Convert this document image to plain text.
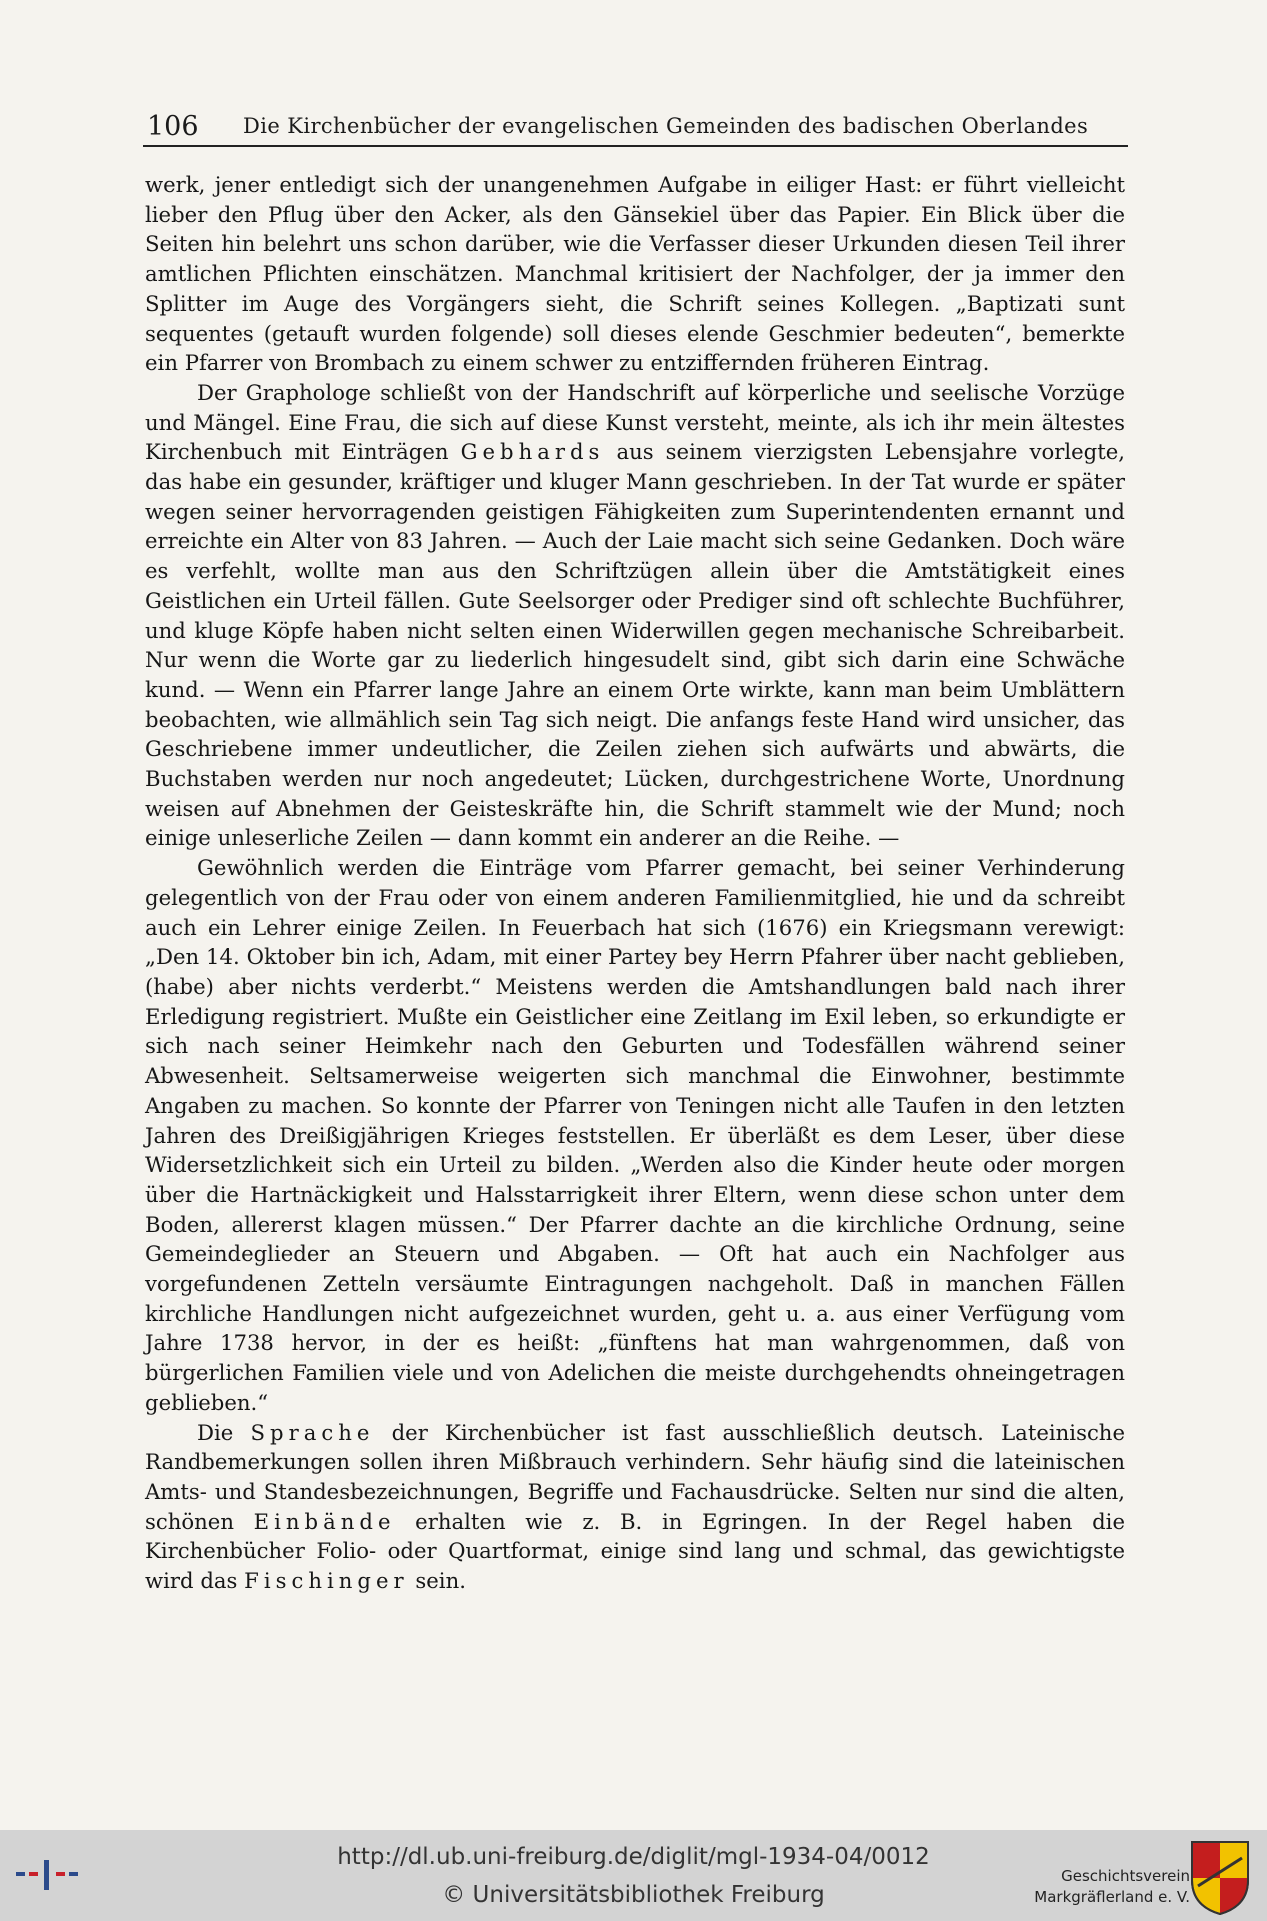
106 Die Kirchenbücher der evangelischen Gemeinden des badischen Oberlandes

werk, jener entledigt sich der unangenehmen Aufgabe in eiliger Hast: er führt vielleicht lieber den Pflug über den Acker, als den Gänsekiel über das Papier. Ein Blick über die Seiten hin belehrt uns schon darüber, wie die Verfasser dieser Urkunden diesen Teil ihrer amtlichen Pflichten einschätzen. Manchmal kritisiert der Nachfolger, der ja immer den Splitter im Auge des Vorgängers sieht, die Schrift seines Kollegen. „Baptizati sunt sequentes (getauft wurden folgende) soll dieses elende Geschmier bedeuten“, bemerkte ein Pfarrer von Brombach zu einem schwer zu entziffernden früheren Eintrag.

Der Graphologe schließt von der Handschrift auf körperliche und seelische Vorzüge und Mängel. Eine Frau, die sich auf diese Kunst versteht, meinte, als ich ihr mein ältestes Kirchenbuch mit Einträgen Gebhards aus seinem vierzigsten Lebensjahre vorlegte, das habe ein gesunder, kräftiger und kluger Mann geschrieben. In der Tat wurde er später wegen seiner hervorragenden geistigen Fähigkeiten zum Superintendenten ernannt und erreichte ein Alter von 83 Jahren. — Auch der Laie macht sich seine Gedanken. Doch wäre es verfehlt, wollte man aus den Schriftzügen allein über die Amtstätigkeit eines Geistlichen ein Urteil fällen. Gute Seelsorger oder Prediger sind oft schlechte Buchführer, und kluge Köpfe haben nicht selten einen Widerwillen gegen mechanische Schreibarbeit. Nur wenn die Worte gar zu liederlich hingesudelt sind, gibt sich darin eine Schwäche kund. — Wenn ein Pfarrer lange Jahre an einem Orte wirkte, kann man beim Umblättern beobachten, wie allmählich sein Tag sich neigt. Die anfangs feste Hand wird unsicher, das Geschriebene immer undeutlicher, die Zeilen ziehen sich aufwärts und abwärts, die Buchstaben werden nur noch angedeutet; Lücken, durchgestrichene Worte, Unordnung weisen auf Abnehmen der Geisteskräfte hin, die Schrift stammelt wie der Mund; noch einige unleserliche Zeilen — dann kommt ein anderer an die Reihe. —

Gewöhnlich werden die Einträge vom Pfarrer gemacht, bei seiner Verhinderung gelegentlich von der Frau oder von einem anderen Familienmitglied, hie und da schreibt auch ein Lehrer einige Zeilen. In Feuerbach hat sich (1676) ein Kriegsmann verewigt: „Den 14. Oktober bin ich, Adam, mit einer Partey bey Herrn Pfahrer über nacht geblieben, (habe) aber nichts verderbt.“ Meistens werden die Amtshandlungen bald nach ihrer Erledigung registriert. Mußte ein Geistlicher eine Zeitlang im Exil leben, so erkundigte er sich nach seiner Heimkehr nach den Geburten und Todesfällen während seiner Abwesenheit. Seltsamerweise weigerten sich manchmal die Einwohner, bestimmte Angaben zu machen. So konnte der Pfarrer von Teningen nicht alle Taufen in den letzten Jahren des Dreißigjährigen Krieges feststellen. Er überläßt es dem Leser, über diese Widersetzlichkeit sich ein Urteil zu bilden. „Werden also die Kinder heute oder morgen über die Hartnäckigkeit und Halsstarrigkeit ihrer Eltern, wenn diese schon unter dem Boden, allererst klagen müssen.“ Der Pfarrer dachte an die kirchliche Ordnung, seine Gemeindeglieder an Steuern und Abgaben. — Oft hat auch ein Nachfolger aus vorgefundenen Zetteln versäumte Eintragungen nachgeholt. Daß in manchen Fällen kirchliche Handlungen nicht aufgezeichnet wurden, geht u. a. aus einer Verfügung vom Jahre 1738 hervor, in der es heißt: „fünftens hat man wahrgenommen, daß von bürgerlichen Familien viele und von Adelichen die meiste durchgehendts ohneingetragen geblieben.“

Die Sprache der Kirchenbücher ist fast ausschließlich deutsch. Lateinische Randbemerkungen sollen ihren Mißbrauch verhindern. Sehr häufig sind die lateinischen Amts- und Standesbezeichnungen, Begriffe und Fachausdrücke. Selten nur sind die alten, schönen Einbände erhalten wie z. B. in Egringen. In der Regel haben die Kirchenbücher Folio- oder Quartformat, einige sind lang und schmal, das gewichtigste wird das Fischinger sein.

http://dl.ub.uni-freiburg.de/diglit/mgl-1934-04/0012
© Universitätsbibliothek Freiburg
Geschichtsverein
Markgräflerland e. V.
